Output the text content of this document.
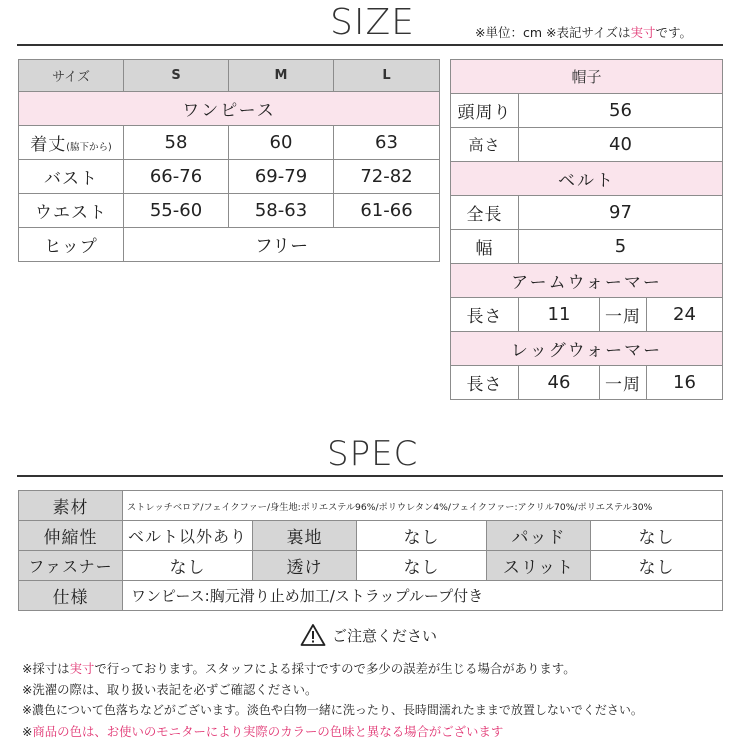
SIZE	※単位：cm ※表記サイズは実寸です。
サイズ	S	M	L
ワンピース			
着丈(脇下から)	58	60	63
バスト	66-76	69-79	72-82
ウエスト	55-60	58-63	61-66
ヒップ	フリー		
帽子			
頭周り	56		
高さ	40		
ベルト			
全長	97		
幅	5		
アームウォーマー			
長さ	11	一周	24
レッグウォーマー			
長さ	46	一周	16
SPEC
素材	ストレッチベロア/フェイクファー/身生地:ポリエステル96%/ポリウレタン4%/フェイクファー:アクリル70%/ポリエステル30%				
伸縮性	ベルト以外あり	裏地	なし	パッド	なし
ファスナー	なし	透け	なし	スリット	なし
仕様	ワンピース:胸元滑り止め加工/ストラップループ付き				
ご注意ください
※採寸は実寸で行っております。スタッフによる採寸ですので多少の誤差が生じる場合があります。
※洗濯の際は、取り扱い表記を必ずご確認ください。
※濃色について色落ちなどがございます。淡色や白物一緒に洗ったり、長時間濡れたままで放置しないでください。
※商品の色は、お使いのモニターにより実際のカラーの色味と異なる場合がございます
